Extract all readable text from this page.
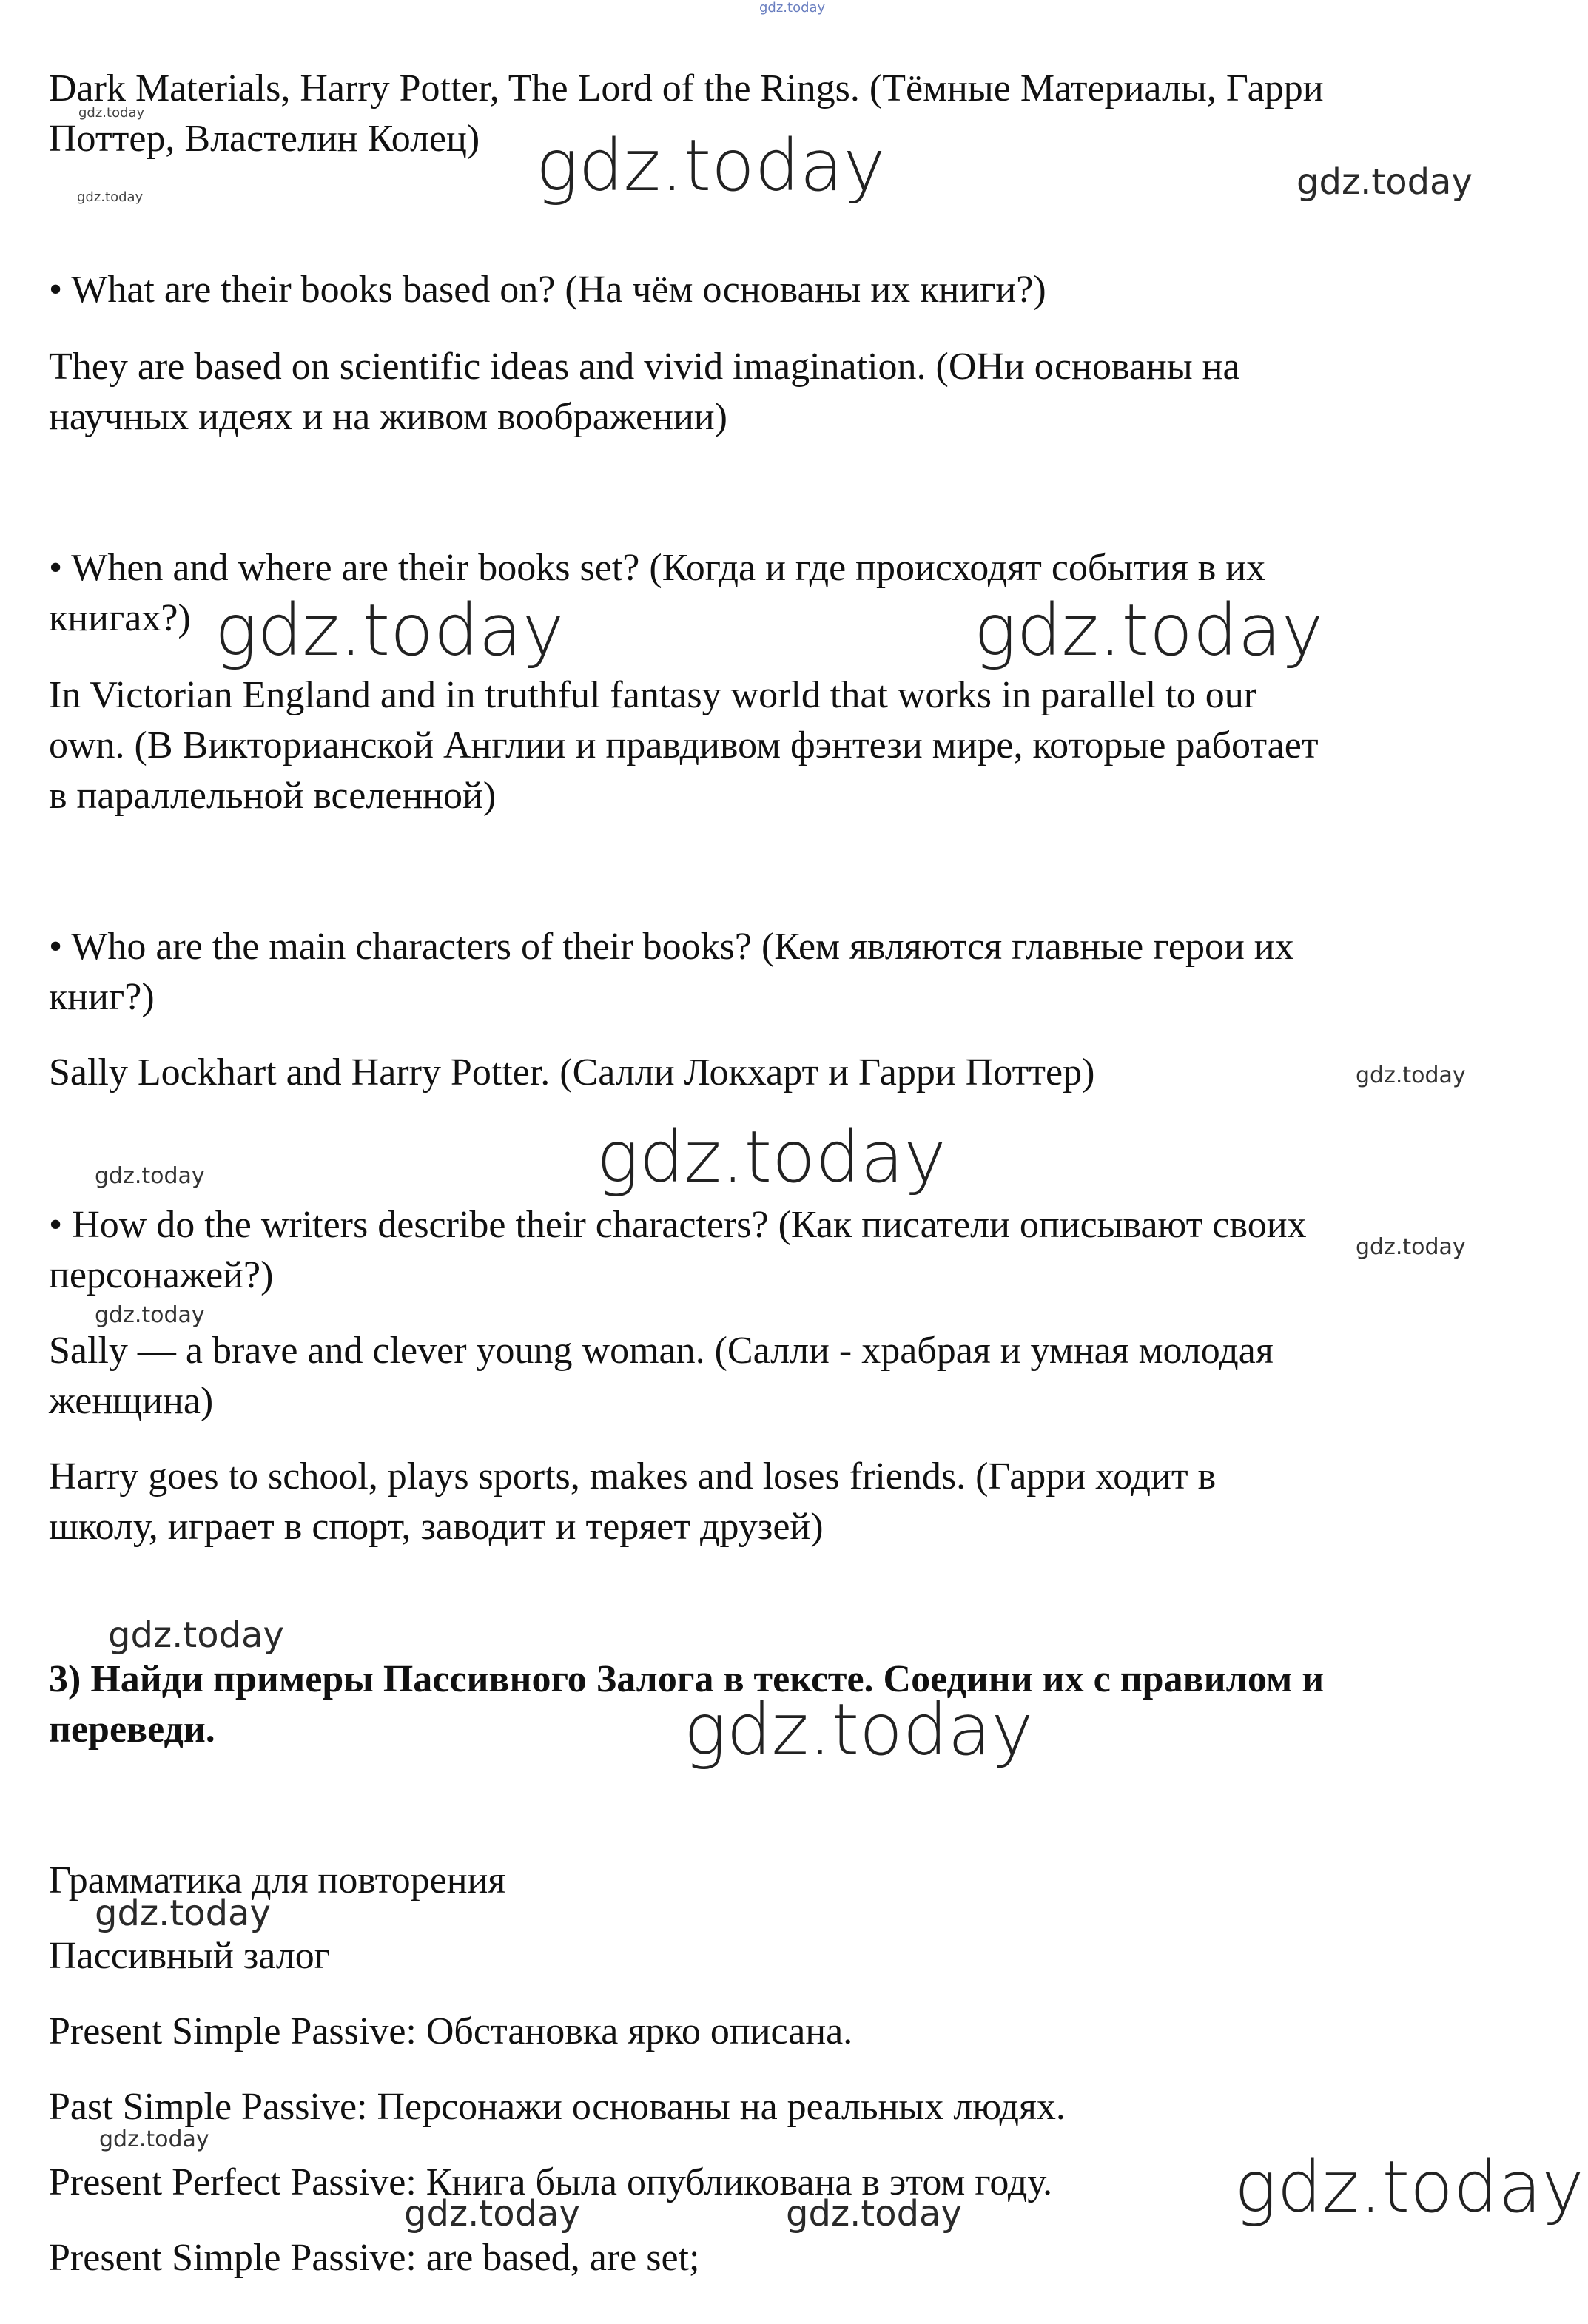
gdz.today
Dark Materials, Harry Potter, The Lord of the Rings. (Тёмные Материалы, Гарри
Поттер, Властелин Колец)
• What are their books based on? (На чём основаны их книги?)
They are based on scientific ideas and vivid imagination. (ОНи основаны на
научных идеях и на живом воображении)
• When and where are their books set? (Когда и где происходят события в их
книгах?)
In Victorian England and in truthful fantasy world that works in parallel to our
own. (В Викторианской Англии и правдивом фэнтези мире, которые работает
в параллельной вселенной)
• Who are the main characters of their books? (Кем являются главные герои их
книг?)
Sally Lockhart and Harry Potter. (Салли Локхарт и Гарри Поттер)
• How do the writers describe their characters? (Как писатели описывают своих
персонажей?)
Sally — a brave and clever young woman. (Салли - храбрая и умная молодая
женщина)
Harry goes to school, plays sports, makes and loses friends. (Гарри ходит в
школу, играет в спорт, заводит и теряет друзей)
3) Найди примеры Пассивного Залога в тексте. Соедини их с правилом и
переведи.
Грамматика для повторения
Пассивный залог
Present Simple Passive: Обстановка ярко описана.
Past Simple Passive: Персонажи основаны на реальных людях.
Present Perfect Passive: Книга была опубликована в этом году.
Present Simple Passive: are based, are set;
gdz.today
gdz.today	gdz.today	gdz.today
gdz.today	gdz.today
gdz.today
gdz.today
gdz.today
gdz.today
gdz.today
gdz.today
gdz.today
gdz.today
gdz.today
gdz.today
gdz.today	gdz.today
